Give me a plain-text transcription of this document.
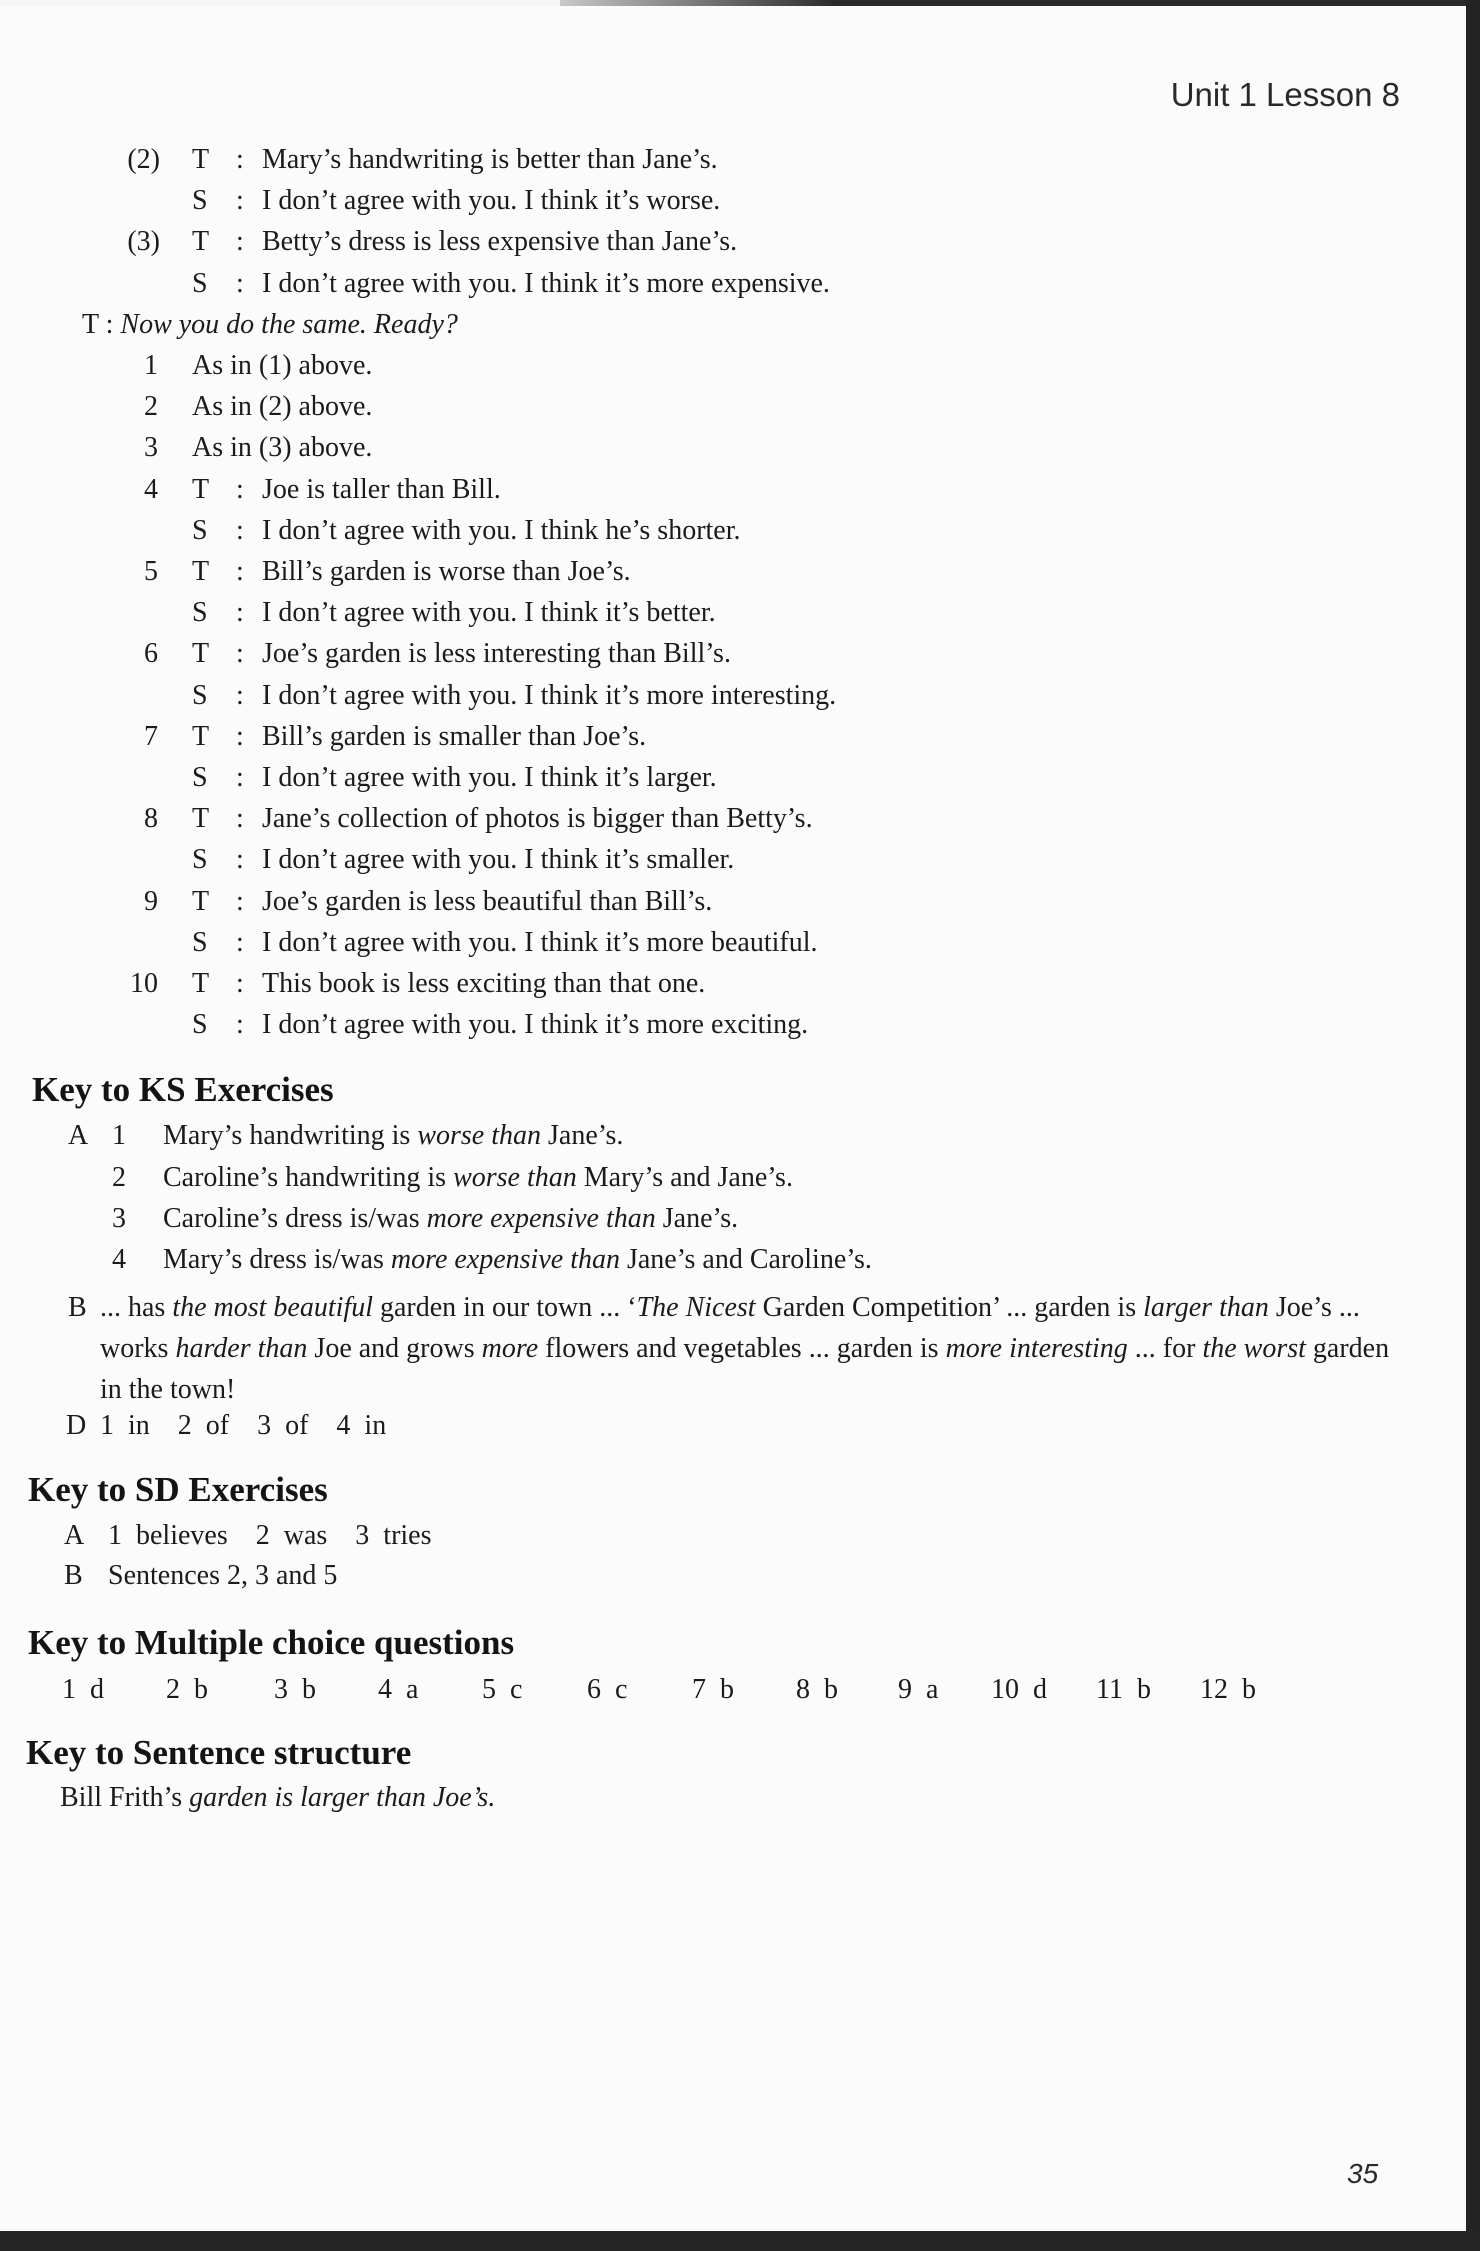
Unit 1 Lesson 8
(2) T : Mary’s handwriting is better than Jane’s.
S : I don’t agree with you. I think it’s worse.
(3) T : Betty’s dress is less expensive than Jane’s.
S : I don’t agree with you. I think it’s more expensive.
T : Now you do the same. Ready?
1 As in (1) above.
2 As in (2) above.
3 As in (3) above.
4 T : Joe is taller than Bill.
S : I don’t agree with you. I think he’s shorter.
5 T : Bill’s garden is worse than Joe’s.
S : I don’t agree with you. I think it’s better.
6 T : Joe’s garden is less interesting than Bill’s.
S : I don’t agree with you. I think it’s more interesting.
7 T : Bill’s garden is smaller than Joe’s.
S : I don’t agree with you. I think it’s larger.
8 T : Jane’s collection of photos is bigger than Betty’s.
S : I don’t agree with you. I think it’s smaller.
9 T : Joe’s garden is less beautiful than Bill’s.
S : I don’t agree with you. I think it’s more beautiful.
10 T : This book is less exciting than that one.
S : I don’t agree with you. I think it’s more exciting.
Key to KS Exercises
A 1 Mary’s handwriting is worse than Jane’s.
2 Caroline’s handwriting is worse than Mary’s and Jane’s.
3 Caroline’s dress is/was more expensive than Jane’s.
4 Mary’s dress is/was more expensive than Jane’s and Caroline’s.
B ... has the most beautiful garden in our town ... ‘The Nicest Garden Competition’ ... garden is larger than Joe’s ... works harder than Joe and grows more flowers and vegetables ... garden is more interesting ... for the worst garden in the town!
D 1  in    2  of    3  of    4  in
Key to SD Exercises
A 1  believes    2  was    3  tries
B Sentences 2, 3 and 5
Key to Multiple choice questions
1  d 2  b 3  b 4  a 5  c 6  c 7  b 8  b 9  a 10  d 11  b 12  b
Key to Sentence structure
Bill Frith’s garden is larger than Joe’s.
35
